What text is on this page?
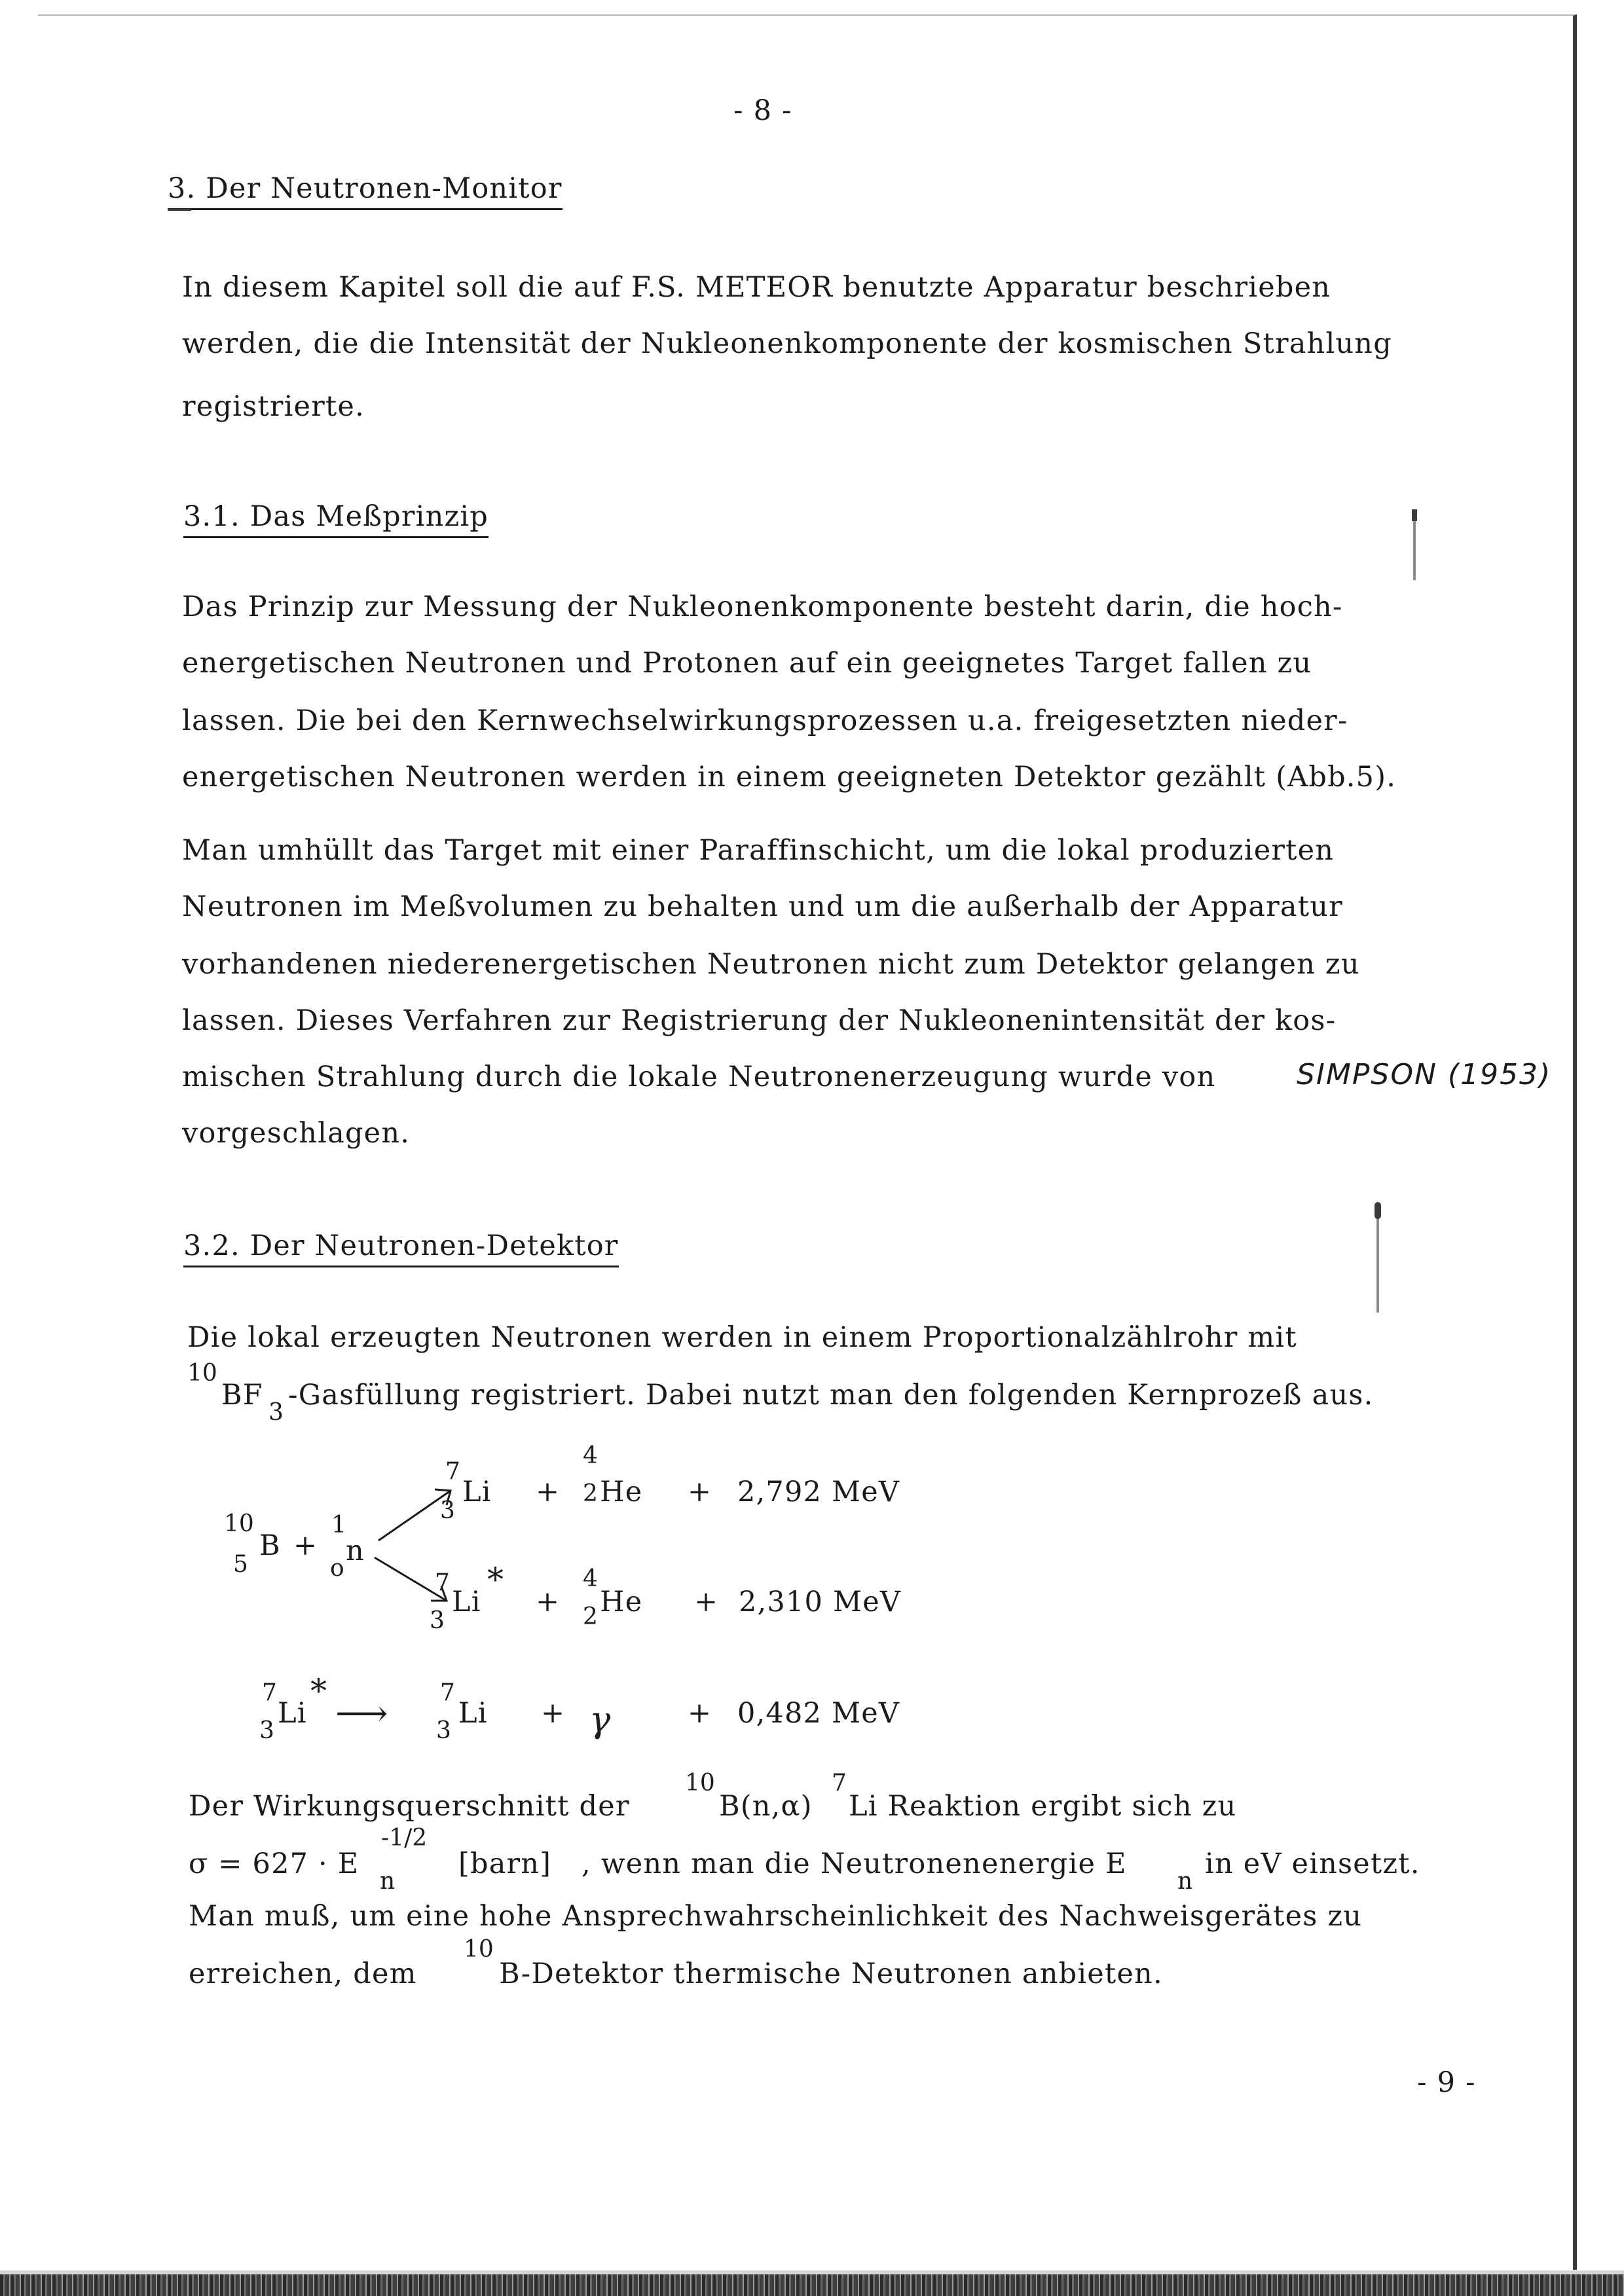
- 8 -
3. Der Neutronen-Monitor
In diesem Kapitel soll die auf F.S. METEOR benutzte Apparatur beschrieben
werden, die die Intensität der Nukleonenkomponente der kosmischen Strahlung
registrierte.
3.1. Das Meßprinzip
Das Prinzip zur Messung der Nukleonenkomponente besteht darin, die hoch-
energetischen Neutronen und Protonen auf ein geeignetes Target fallen zu
lassen. Die bei den Kernwechselwirkungsprozessen u.a. freigesetzten nieder-
energetischen Neutronen werden in einem geeigneten Detektor gezählt (Abb.5).
Man umhüllt das Target mit einer Paraffinschicht, um die lokal produzierten
Neutronen im Meßvolumen zu behalten und um die außerhalb der Apparatur
vorhandenen niederenergetischen Neutronen nicht zum Detektor gelangen zu
lassen. Dieses Verfahren zur Registrierung der Nukleonenintensität der kos-
mischen Strahlung durch die lokale Neutronenerzeugung wurde von	SIMPSON (1953)
vorgeschlagen.
3.2. Der Neutronen-Detektor
Die lokal erzeugten Neutronen werden in einem Proportionalzählrohr mit
10
BF
3
-Gasfüllung registriert. Dabei nutzt man den folgenden Kernprozeß aus.
10
5
B +
1
o
n
7
3
Li +
4
2 He + 2,792 MeV
7
3
Li
*
+
4
2 He + 2,310 MeV
7
3
Li
*
⟶ 7
3
Li + γ	+ 0,482 MeV
Der Wirkungsquerschnitt der
10
B(n,α)
7
Li Reaktion ergibt sich zu
σ = 627 · E
-1/2
n
[barn] , wenn man die Neutronenenergie E
n
in eV einsetzt.
Man muß, um eine hohe Ansprechwahrscheinlichkeit des Nachweisgerätes zu
erreichen, dem
10
B-Detektor thermische Neutronen anbieten.
- 9 -
